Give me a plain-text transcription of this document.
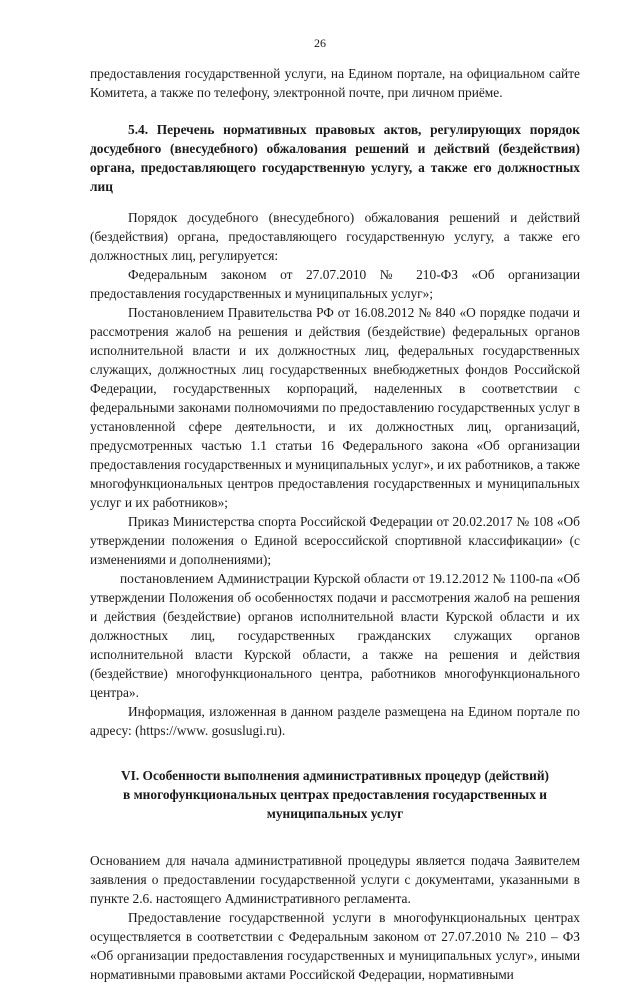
26

предоставления государственной услуги, на Едином портале, на официальном сайте Комитета, а также по телефону, электронной почте, при личном приёме.

5.4. Перечень нормативных правовых актов, регулирующих порядок досудебного (внесудебного) обжалования решений и действий (бездействия) органа, предоставляющего государственную услугу, а также его должностных лиц

Порядок досудебного (внесудебного) обжалования решений и действий (бездействия) органа, предоставляющего государственную услугу, а также его должностных лиц, регулируется:

Федеральным законом от 27.07.2010 № 210-ФЗ «Об организации предоставления государственных и муниципальных услуг»;

Постановлением Правительства РФ от 16.08.2012 № 840 «О порядке подачи и рассмотрения жалоб на решения и действия (бездействие) федеральных органов исполнительной власти и их должностных лиц, федеральных государственных служащих, должностных лиц государственных внебюджетных фондов Российской Федерации, государственных корпораций, наделенных в соответствии с федеральными законами полномочиями по предоставлению государственных услуг в установленной сфере деятельности, и их должностных лиц, организаций, предусмотренных частью 1.1 статьи 16 Федерального закона «Об организации предоставления государственных и муниципальных услуг», и их работников, а также многофункциональных центров предоставления государственных и муниципальных услуг и их работников»;

Приказ Министерства спорта Российской Федерации от 20.02.2017 № 108 «Об утверждении положения о Единой всероссийской спортивной классификации» (с изменениями и дополнениями);

постановлением Администрации Курской области от 19.12.2012 № 1100-па «Об утверждении Положения об особенностях подачи и рассмотрения жалоб на решения и действия (бездействие) органов исполнительной власти Курской области и их должностных лиц, государственных гражданских служащих органов исполнительной власти Курской области, а также на решения и действия (бездействие) многофункционального центра, работников многофункционального центра».

Информация, изложенная в данном разделе размещена на Едином портале по адресу: (https://www. gosuslugi.ru).

VI. Особенности выполнения административных процедур (действий) в многофункциональных центрах предоставления государственных и муниципальных услуг

Основанием для начала административной процедуры является подача Заявителем заявления о предоставлении государственной услуги с документами, указанными в пункте 2.6. настоящего Административного регламента.

Предоставление государственной услуги в многофункциональных центрах осуществляется в соответствии с Федеральным законом от 27.07.2010 № 210 – ФЗ «Об организации предоставления государственных и муниципальных услуг», иными нормативными правовыми актами Российской Федерации, нормативными
